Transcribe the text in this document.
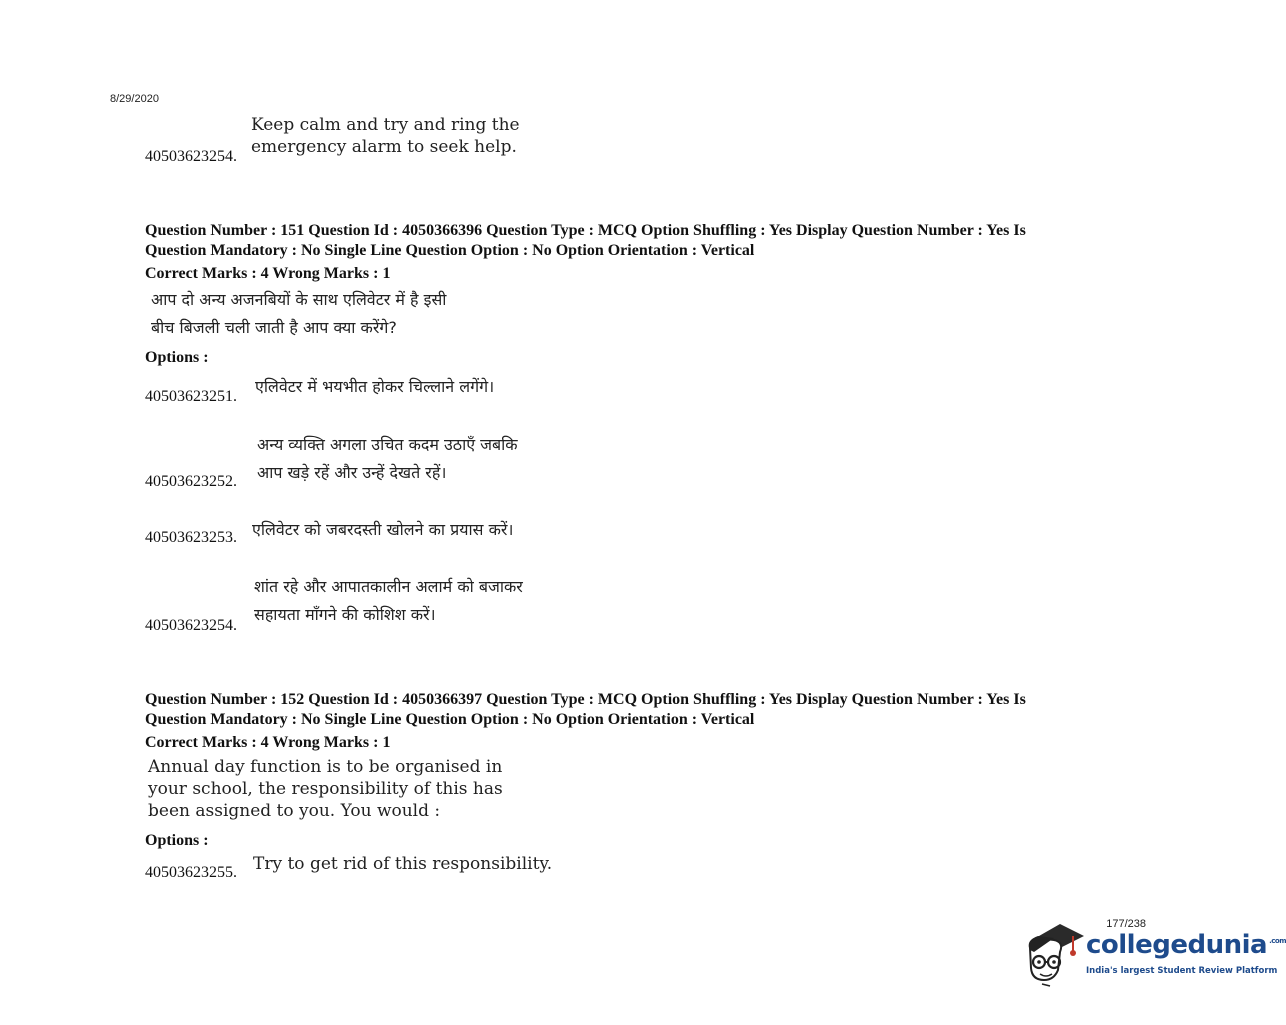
8/29/2020
Keep calm and try and ring the
emergency alarm to seek help.
40503623254.
Question Number : 151 Question Id : 4050366396 Question Type : MCQ Option Shuffling : Yes Display Question Number : Yes Is
Question Mandatory : No Single Line Question Option : No Option Orientation : Vertical
Correct Marks : 4 Wrong Marks : 1
आप दो अन्य अजनबियों के साथ एलिवेटर में है इसी
बीच बिजली चली जाती है आप क्या करेंगे?
Options :
40503623251.
एलिवेटर में भयभीत होकर चिल्लाने लगेंगे।
अन्य व्यक्ति अगला उचित कदम उठाएँ जबकि
आप खड़े रहें और उन्हें देखते रहें।
40503623252.
40503623253. एलिवेटर को जबरदस्ती खोलने का प्रयास करें।
शांत रहे और आपातकालीन अलार्म को बजाकर
सहायता माँगने की कोशिश करें।
40503623254.
Question Number : 152 Question Id : 4050366397 Question Type : MCQ Option Shuffling : Yes Display Question Number : Yes Is
Question Mandatory : No Single Line Question Option : No Option Orientation : Vertical
Correct Marks : 4 Wrong Marks : 1
Annual day function is to be organised in
your school, the responsibility of this has
been assigned to you. You would :
Options :
40503623255. Try to get rid of this responsibility.
177/238
collegedunia $^{.com}$
India's largest Student Review Platform
